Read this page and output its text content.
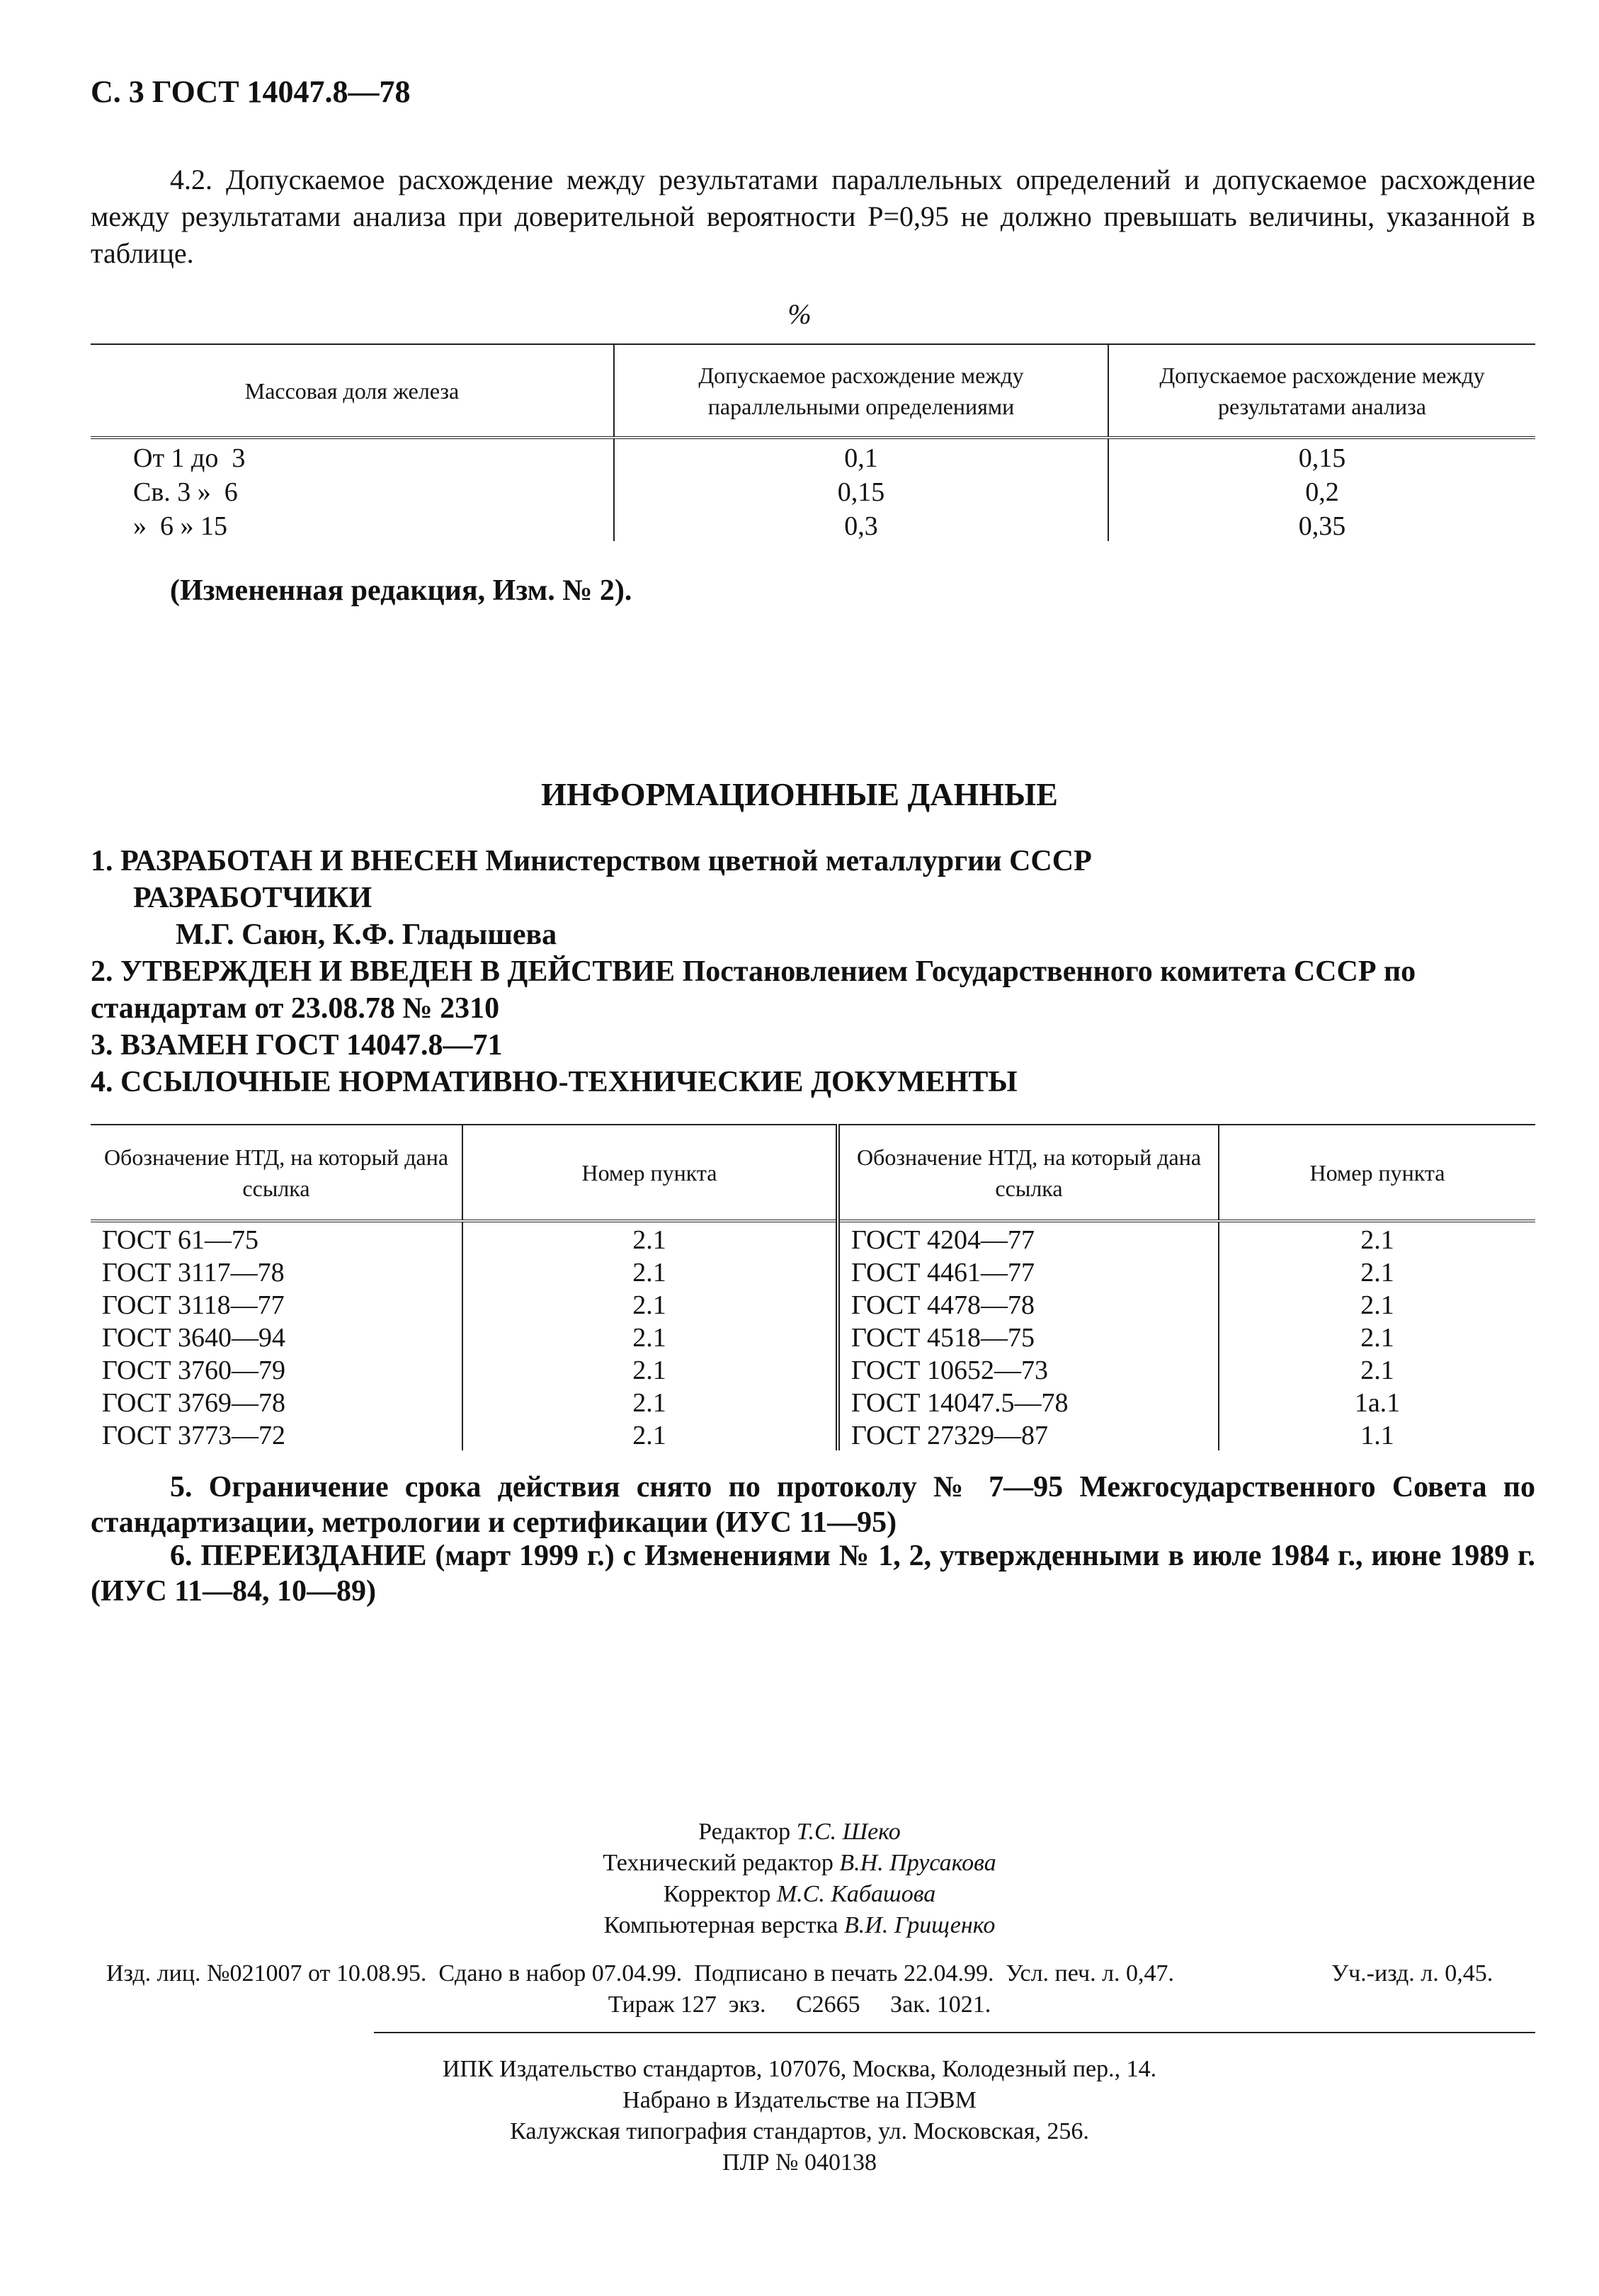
С. 3 ГОСТ 14047.8—78
4.2. Допускаемое расхождение между результатами параллельных определений и допускаемое расхождение между результатами анализа при доверительной вероятности P=0,95 не должно превышать величины, указанной в таблице.
%
Массовая доля железа	Допускаемое расхождение между параллельными определениями	Допускаемое расхождение между результатами анализа
От 1 до  3	0,1	0,15
Св. 3 »  6	0,15	0,2
»  6 » 15	0,3	0,35
(Измененная редакция, Изм. № 2).
ИНФОРМАЦИОННЫЕ ДАННЫЕ
1. РАЗРАБОТАН И ВНЕСЕН Министерством цветной металлургии СССР
РАЗРАБОТЧИКИ
М.Г. Саюн, К.Ф. Гладышева
2. УТВЕРЖДЕН И ВВЕДЕН В ДЕЙСТВИЕ Постановлением Государственного комитета СССР по стандартам от 23.08.78 № 2310
3. ВЗАМЕН ГОСТ 14047.8—71
4. ССЫЛОЧНЫЕ НОРМАТИВНО-ТЕХНИЧЕСКИЕ ДОКУМЕНТЫ
Обозначение НТД, на который дана ссылка	Номер пункта	Обозначение НТД, на который дана ссылка	Номер пункта
ГОСТ 61—75	2.1	ГОСТ 4204—77	2.1
ГОСТ 3117—78	2.1	ГОСТ 4461—77	2.1
ГОСТ 3118—77	2.1	ГОСТ 4478—78	2.1
ГОСТ 3640—94	2.1	ГОСТ 4518—75	2.1
ГОСТ 3760—79	2.1	ГОСТ 10652—73	2.1
ГОСТ 3769—78	2.1	ГОСТ 14047.5—78	1а.1
ГОСТ 3773—72	2.1	ГОСТ 27329—87	1.1
5. Ограничение срока действия снято по протоколу № 7—95 Межгосударственного Совета по стандартизации, метрологии и сертификации (ИУС 11—95)
6. ПЕРЕИЗДАНИЕ (март 1999 г.) с Изменениями № 1, 2, утвержденными в июле 1984 г., июне 1989 г. (ИУС 11—84, 10—89)
Редактор Т.С. Шеко
Технический редактор В.Н. Прусакова
Корректор М.С. Кабашова
Компьютерная верстка В.И. Грищенко
Изд. лиц. №021007 от 10.08.95.  Сдано в набор 07.04.99.  Подписано в печать 22.04.99.  Усл. печ. л. 0,47.	Уч.-изд. л. 0,45.
Тираж 127  экз.     С2665     Зак. 1021.
ИПК Издательство стандартов, 107076, Москва, Колодезный пер., 14.
Набрано в Издательстве на ПЭВМ
Калужская типография стандартов, ул. Московская, 256.
ПЛР № 040138
